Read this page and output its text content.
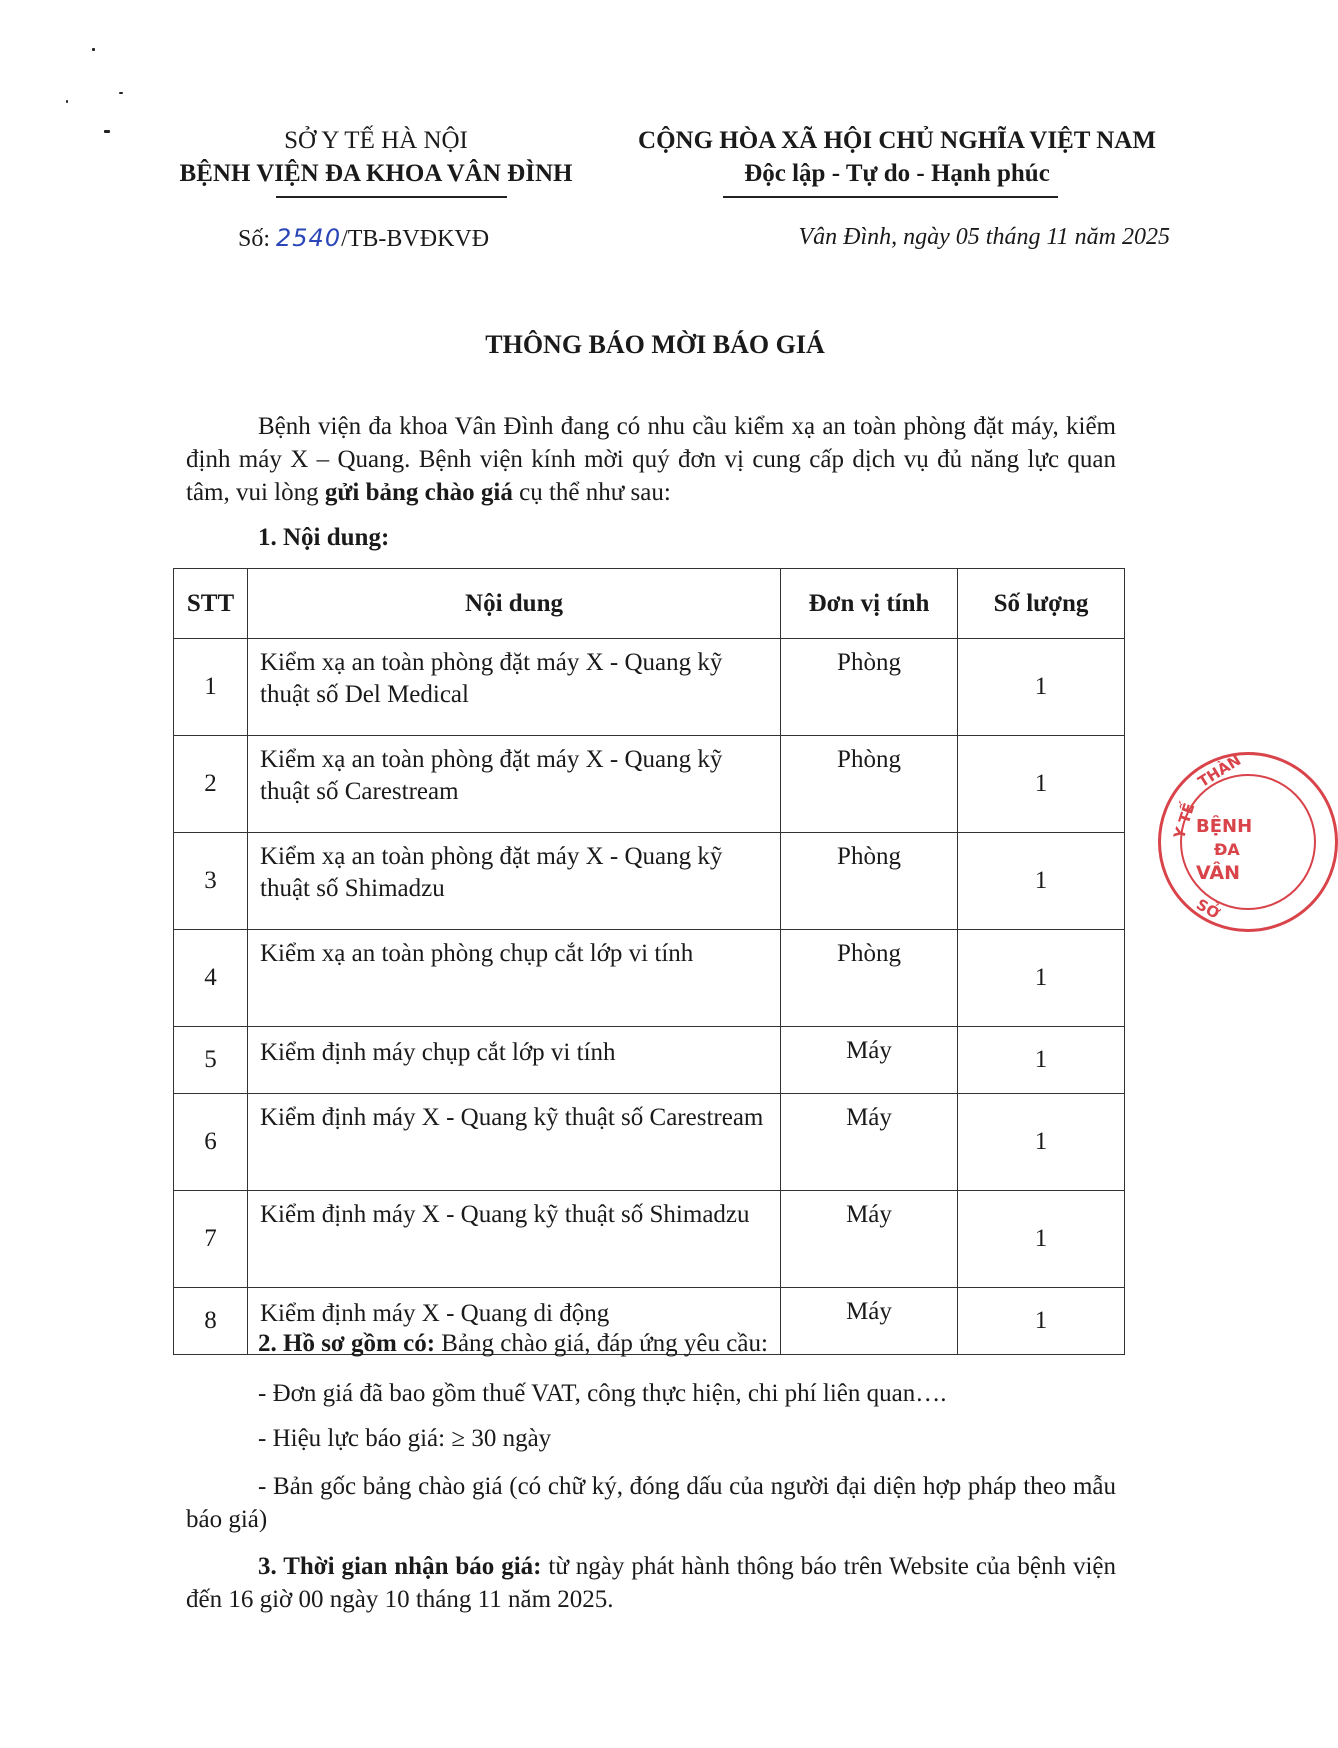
SỞ Y TẾ HÀ NỘI
BỆNH VIỆN ĐA KHOA VÂN ĐÌNH
CỘNG HÒA XÃ HỘI CHỦ NGHĨA VIỆT NAM
Độc lập - Tự do - Hạnh phúc
Số: 2540/TB-BVĐKVĐ	Vân Đình, ngày 05 tháng 11 năm 2025
THÔNG BÁO MỜI BÁO GIÁ
Bệnh viện đa khoa Vân Đình đang có nhu cầu kiểm xạ an toàn phòng đặt máy, kiểm định máy X – Quang. Bệnh viện kính mời quý đơn vị cung cấp dịch vụ đủ năng lực quan tâm, vui lòng gửi bảng chào giá cụ thể như sau:
1. Nội dung:
STT	Nội dung	Đơn vị tính	Số lượng
1	Kiểm xạ an toàn phòng đặt máy X - Quang kỹ thuật số Del Medical	Phòng	1
2	Kiểm xạ an toàn phòng đặt máy X - Quang kỹ thuật số Carestream	Phòng	1
3	Kiểm xạ an toàn phòng đặt máy X - Quang kỹ thuật số Shimadzu	Phòng	1
4	Kiểm xạ an toàn phòng chụp cắt lớp vi tính	Phòng	1
5	Kiểm định máy chụp cắt lớp vi tính	Máy	1
6	Kiểm định máy X - Quang kỹ thuật số Carestream	Máy	1
7	Kiểm định máy X - Quang kỹ thuật số Shimadzu	Máy	1
8	Kiểm định máy X - Quang di động	Máy	1
2. Hồ sơ gồm có: Bảng chào giá, đáp ứng yêu cầu:
- Đơn giá đã bao gồm thuế VAT, công thực hiện, chi phí liên quan….
- Hiệu lực báo giá: ≥ 30 ngày
- Bản gốc bảng chào giá (có chữ ký, đóng dấu của người đại diện hợp pháp theo mẫu báo giá)
3. Thời gian nhận báo giá: từ ngày phát hành thông báo trên Website của bệnh viện đến 16 giờ 00 ngày 10 tháng 11 năm 2025.
THÀN
Y TẾ
SỞ
BỆNH
ĐA
VÂN
